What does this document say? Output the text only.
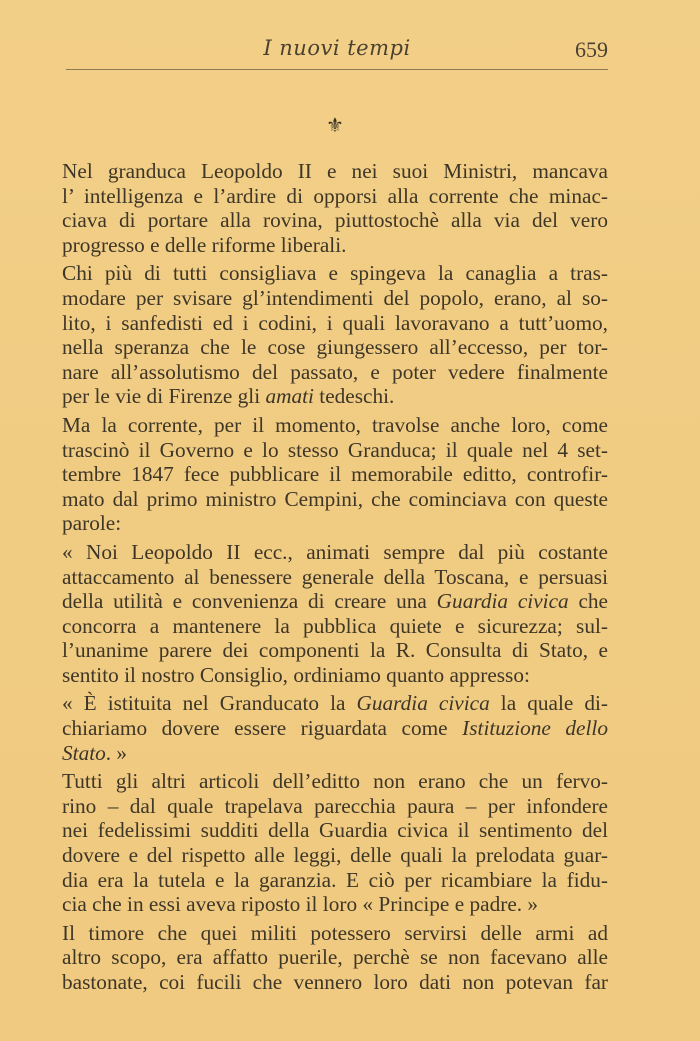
I nuovi tempi	659
⚜
Nel granduca Leopoldo II e nei suoi Ministri, mancava
l’ intelligenza e l’ardire di opporsi alla corrente che minac-
ciava di portare alla rovina, piuttostochè alla via del vero
progresso e delle riforme liberali.
Chi più di tutti consigliava e spingeva la canaglia a tras-
modare per svisare gl’intendimenti del popolo, erano, al so-
lito, i sanfedisti ed i codini, i quali lavoravano a tutt’uomo,
nella speranza che le cose giungessero all’eccesso, per tor-
nare all’assolutismo del passato, e poter vedere finalmente
per le vie di Firenze gli amati tedeschi.
Ma la corrente, per il momento, travolse anche loro, come
trascinò il Governo e lo stesso Granduca; il quale nel 4 set-
tembre 1847 fece pubblicare il memorabile editto, controfir-
mato dal primo ministro Cempini, che cominciava con queste
parole:
« Noi Leopoldo II ecc., animati sempre dal più costante
attaccamento al benessere generale della Toscana, e persuasi
della utilità e convenienza di creare una Guardia civica che
concorra a mantenere la pubblica quiete e sicurezza; sul-
l’unanime parere dei componenti la R. Consulta di Stato, e
sentito il nostro Consiglio, ordiniamo quanto appresso:
« È istituita nel Granducato la Guardia civica la quale di-
chiariamo dovere essere riguardata come Istituzione dello
Stato. »
Tutti gli altri articoli dell’editto non erano che un fervo-
rino – dal quale trapelava parecchia paura – per infondere
nei fedelissimi sudditi della Guardia civica il sentimento del
dovere e del rispetto alle leggi, delle quali la prelodata guar-
dia era la tutela e la garanzia. E ciò per ricambiare la fidu-
cia che in essi aveva riposto il loro « Principe e padre. »
Il timore che quei militi potessero servirsi delle armi ad
altro scopo, era affatto puerile, perchè se non facevano alle
bastonate, coi fucili che vennero loro dati non potevan far
